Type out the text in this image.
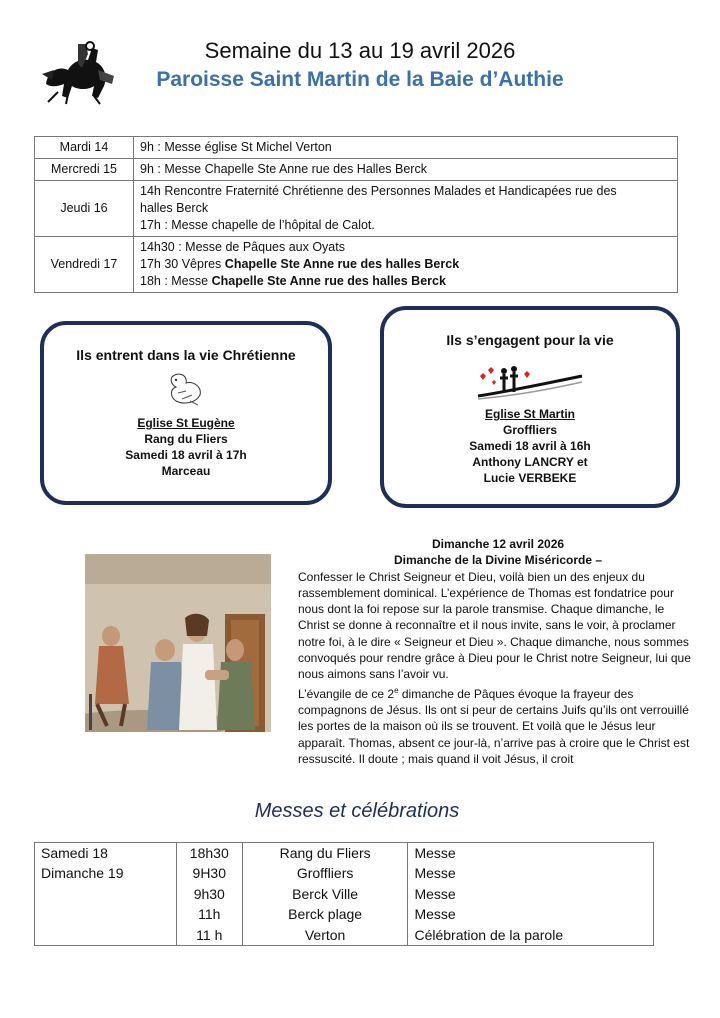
Semaine du 13 au 19 avril 2026
Paroisse Saint Martin de la Baie d’Authie
Mardi 14	9h : Messe église St Michel Verton

Mercredi 15	9h : Messe Chapelle Ste Anne rue des Halles Berck

Jeudi 16	14h Rencontre Fraternité Chrétienne des Personnes Malades et Handicapées rue des
halles Berck
17h : Messe chapelle de l’hôpital de Calot.

Vendredi 17	14h30 : Messe de Pâques aux Oyats
17h 30 Vêpres Chapelle Ste Anne rue des halles Berck
18h : Messe Chapelle Ste Anne rue des halles Berck
Ils entrent dans la vie Chrétienne
Eglise St Eugène
Rang du Fliers
Samedi 18 avril à 17h
Marceau
Ils s’engagent pour la vie
Eglise St Martin
Groffliers
Samedi 18 avril à 16h
Anthony LANCRY et
Lucie VERBEKE
Dimanche 12 avril 2026
Dimanche de la Divine Miséricorde –

Confesser le Christ Seigneur et Dieu, voilà bien un des enjeux du rassemblement dominical. L’expérience de Thomas est fondatrice pour nous dont la foi repose sur la parole transmise. Chaque dimanche, le Christ se donne à reconnaître et il nous invite, sans le voir, à proclamer notre foi, à le dire « Seigneur et Dieu ». Chaque dimanche, nous sommes convoqués pour rendre grâce à Dieu pour le Christ notre Seigneur, lui que nous aimons sans l’avoir vu.

L’évangile de ce 2e dimanche de Pâques évoque la frayeur des compagnons de Jésus. Ils ont si peur de certains Juifs qu’ils ont verrouillé les portes de la maison où ils se trouvent. Et voilà que le Jésus leur apparaît. Thomas, absent ce jour-là, n’arrive pas à croire que le Christ est ressuscité. Il doute ; mais quand il voit Jésus, il croit

Messes et célébrations
Samedi 18	18h30	Rang du Fliers	Messe
Dimanche 19	9H30	Groffliers	Messe
	9h30	Berck Ville	Messe
	11h	Berck plage	Messe
	11 h	Verton	Célébration de la parole
